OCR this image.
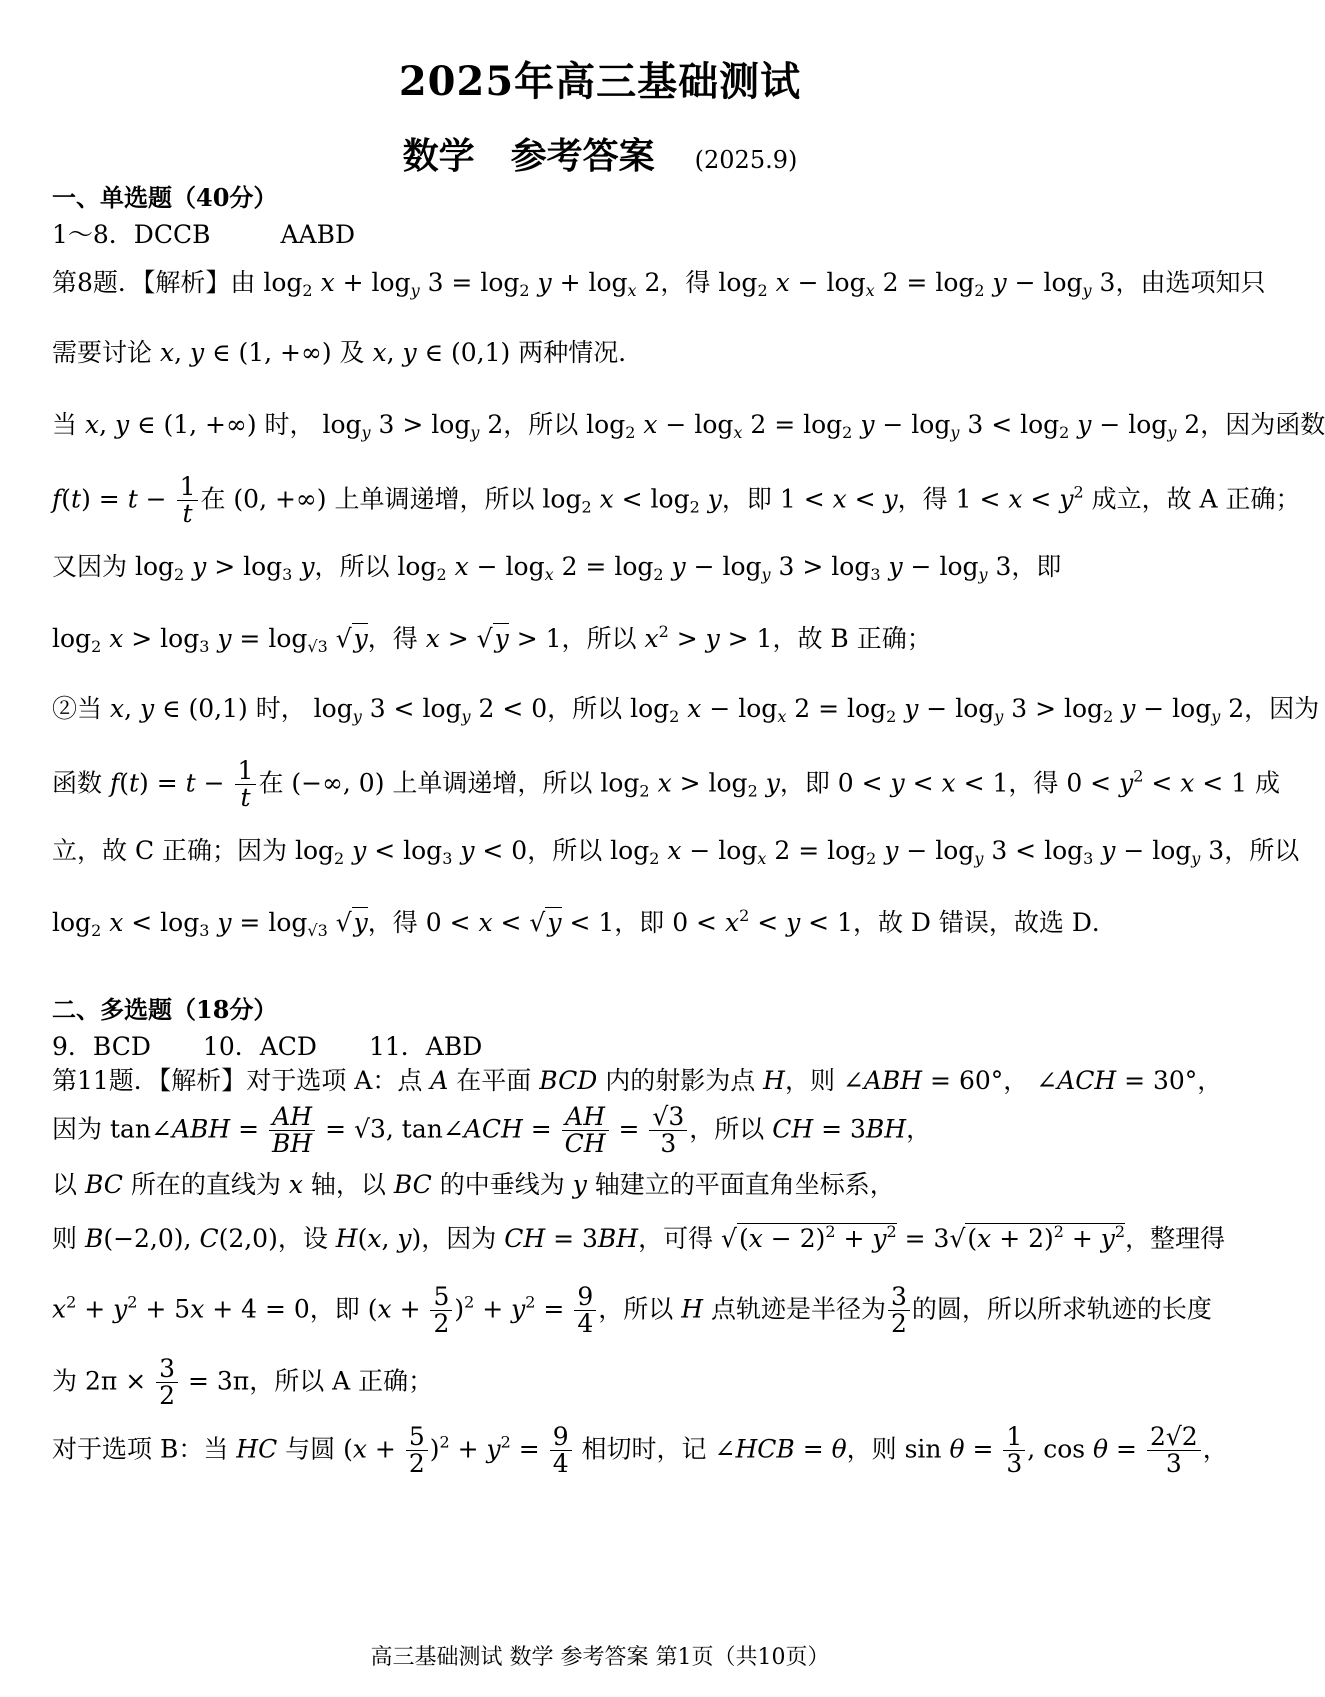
2025年高三基础测试
数学　参考答案 (2025.9)
一、单选题（40分）
1～8．DCCB	AABD
第8题．【解析】由 $\log_2 x + \log_y 3 = \log_2 y + \log_x 2$，得 $\log_2 x - \log_x 2 = \log_2 y - \log_y 3$，由选项知只
需要讨论 x, y ∈ (1, +∞) 及 x, y ∈ (0,1) 两种情况．
当 x, y ∈ (1, +∞) 时， $\log_y 3 > \log_y 2$，所以 $\log_2 x - \log_x 2 = \log_2 y - \log_y 3 < \log_2 y - \log_y 2$，因为函数
$f(t) = t - \frac{1}{t}$ 在 (0, +∞) 上单调递增，所以 $\log_2 x < \log_2 y$，即 1 < x < y，得 $1 < x < y^2$ 成立，故 A 正确；
又因为 $\log_2 y > \log_3 y$，所以 $\log_2 x - \log_x 2 = \log_2 y - \log_y 3 > \log_3 y - \log_y 3$，即
$\log_2 x > \log_3 y = \log_{√3} √y$，得 x > √y > 1，所以 $x^2 > y > 1$，故 B 正确；
②当 x, y ∈ (0,1) 时， $\log_y 3 < \log_y 2 < 0$，所以 $\log_2 x - \log_x 2 = \log_2 y - \log_y 3 > \log_2 y - \log_y 2$，因为
函数 $f(t) = t - \frac{1}{t}$ 在 (−∞, 0) 上单调递增，所以 $\log_2 x > \log_2 y$，即 0 < y < x < 1，得 $0 < y^2 < x < 1$ 成
立，故 C 正确；因为 $\log_2 y < \log_3 y < 0$，所以 $\log_2 x - \log_x 2 = \log_2 y - \log_y 3 < \log_3 y - \log_y 3$，所以
$\log_2 x < \log_3 y = \log_{√3} √y$，得 0 < x < √y < 1，即 $0 < x^2 < y < 1$，故 D 错误，故选 D．
二、多选题（18分）
9．BCD 10．ACD 11．ABD
第11题．【解析】对于选项 A：点 A 在平面 BCD 内的射影为点 H，则 ∠ABH = 60°， ∠ACH = 30°，
因为 tan∠ABH = $\frac{AH}{BH} = √3$, tan∠ACH = $\frac{AH}{CH} = \frac{√3}{3}$ ，所以 CH = 3BH，
以 BC 所在的直线为 x 轴，以 BC 的中垂线为 y 轴建立的平面直角坐标系，
则 B(−2,0), C(2,0)，设 H(x, y)，因为 CH = 3BH，可得 $√(x - 2)^2 + y^2 = 3√(x + 2)^2 + y^2$，整理得
$x^2 + y^2 + 5x + 4 = 0$，即 $(x + \frac{5}{2} )^2 + y^2 = \frac{9}{4}$ ，所以 H 点轨迹是半径为 $\frac{3}{2}$ 的圆，所以所求轨迹的长度
为 $2\pi \times \frac{3}{2} = 3\pi$，所以 A 正确；
对于选项 B：当 HC 与圆 $(x + \frac{5}{2} )^2 + y^2 = \frac{9}{4}$ 相切时，记 ∠HCB = θ，则 $\sin \theta = \frac{1}{3}$ , $\cos \theta = \frac{2√2}{3}$ ，
高三基础测试 数学 参考答案 第1页（共10页）
